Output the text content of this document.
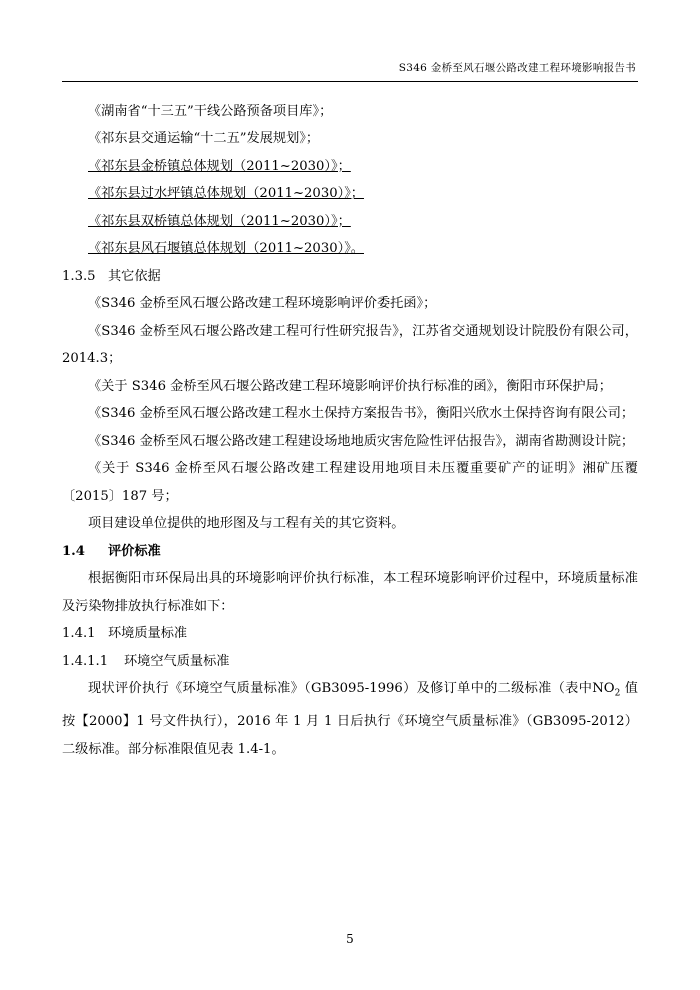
S346 金桥至风石堰公路改建工程环境影响报告书

《湖南省“十三五”干线公路预备项目库》；

《祁东县交通运输“十二五”发展规划》；

《祁东县金桥镇总体规划（2011~2030）》；

《祁东县过水坪镇总体规划（2011~2030）》；

《祁东县双桥镇总体规划（2011~2030）》；

《祁东县风石堰镇总体规划（2011~2030）》。

1.3.5 其它依据

《S346 金桥至风石堰公路改建工程环境影响评价委托函》；

《S346 金桥至风石堰公路改建工程可行性研究报告》，江苏省交通规划设计院股份有限公司，2014.3；

《关于 S346 金桥至风石堰公路改建工程环境影响评价执行标准的函》，衡阳市环保护局；

《S346 金桥至风石堰公路改建工程水土保持方案报告书》，衡阳兴欣水土保持咨询有限公司；

《S346 金桥至风石堰公路改建工程建设场地地质灾害危险性评估报告》，湖南省勘测设计院；

《关于 S346 金桥至风石堰公路改建工程建设用地项目未压覆重要矿产的证明》湘矿压覆〔2015〕187 号；

项目建设单位提供的地形图及与工程有关的其它资料。

1.4 评价标准

根据衡阳市环保局出具的环境影响评价执行标准，本工程环境影响评价过程中，环境质量标准及污染物排放执行标准如下：

1.4.1 环境质量标准

1.4.1.1 环境空气质量标准

现状评价执行《环境空气质量标准》（GB3095-1996）及修订单中的二级标准（表中$NO_2$ 值按【2000】1 号文件执行），2016 年 1 月 1 日后执行《环境空气质量标准》（GB3095-2012）二级标准。部分标准限值见表 1.4-1。

5
